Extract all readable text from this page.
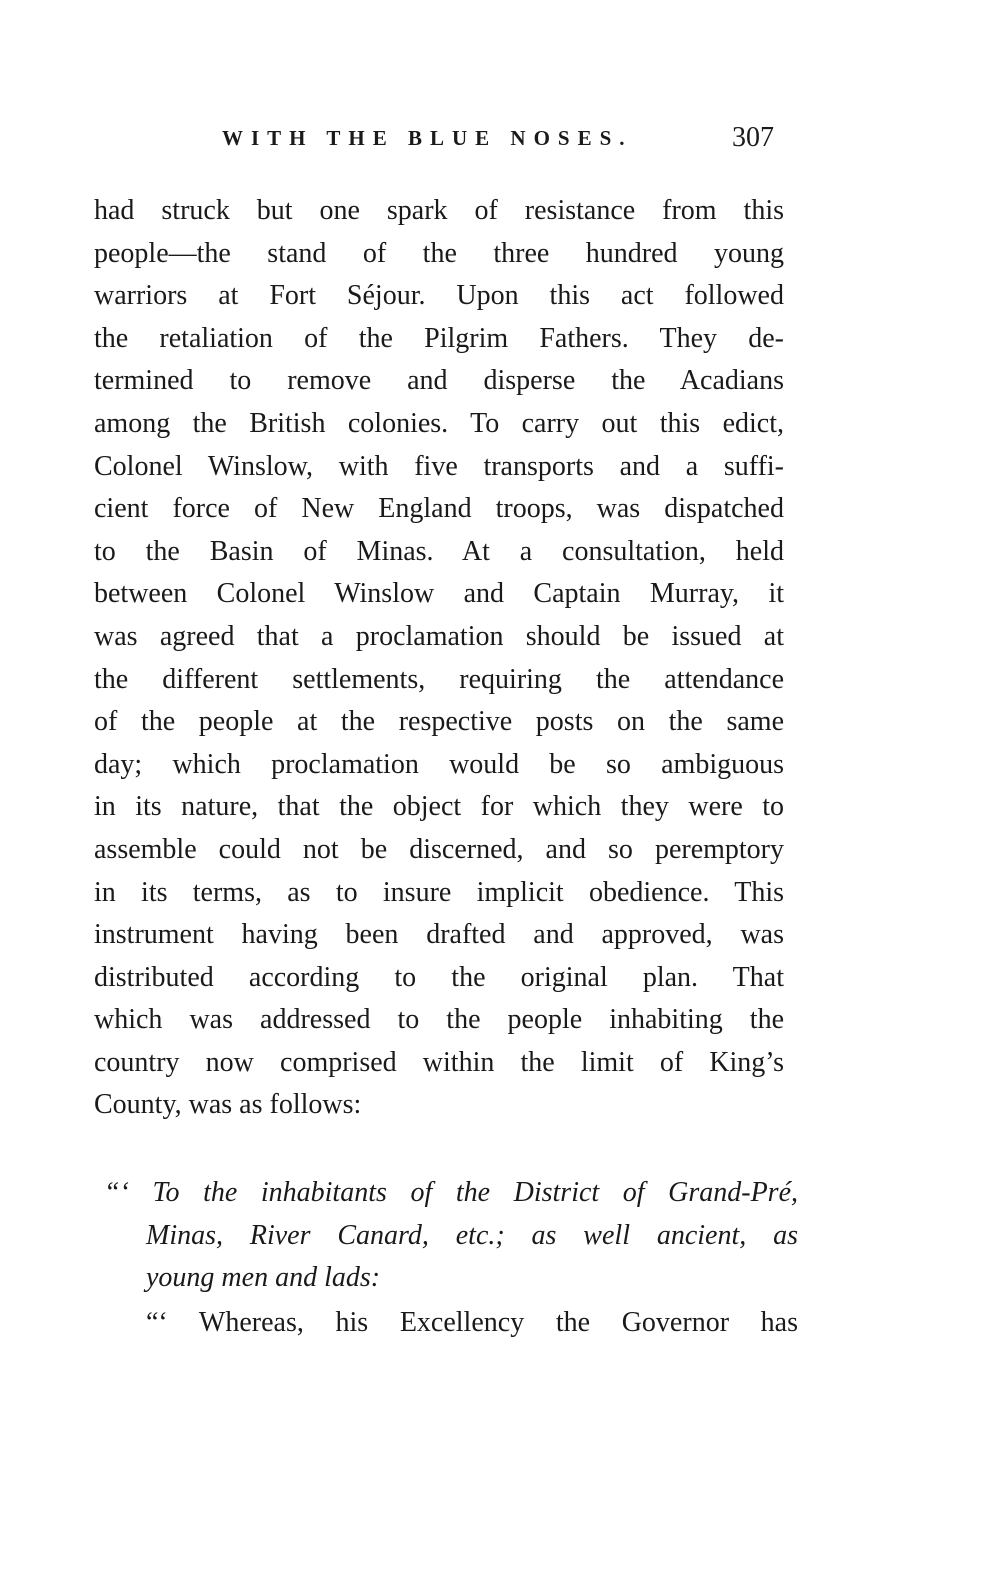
WITH THE BLUE NOSES.	307
had struck but one spark of resistance from this
people—the stand of the three hundred young
warriors at Fort Séjour. Upon this act followed
the retaliation of the Pilgrim Fathers. They de-
termined to remove and disperse the Acadians
among the British colonies. To carry out this edict,
Colonel Winslow, with five transports and a suffi-
cient force of New England troops, was dispatched
to the Basin of Minas. At a consultation, held
between Colonel Winslow and Captain Murray, it
was agreed that a proclamation should be issued at
the different settlements, requiring the attendance
of the people at the respective posts on the same
day; which proclamation would be so ambiguous
in its nature, that the object for which they were to
assemble could not be discerned, and so peremptory
in its terms, as to insure implicit obedience. This
instrument having been drafted and approved, was
distributed according to the original plan. That
which was addressed to the people inhabiting the
country now comprised within the limit of King’s
County, was as follows:
“‘ To the inhabitants of the District of Grand-Pré,
Minas, River Canard, etc.; as well ancient, as
young men and lads:
“‘ Whereas, his Excellency the Governor has
